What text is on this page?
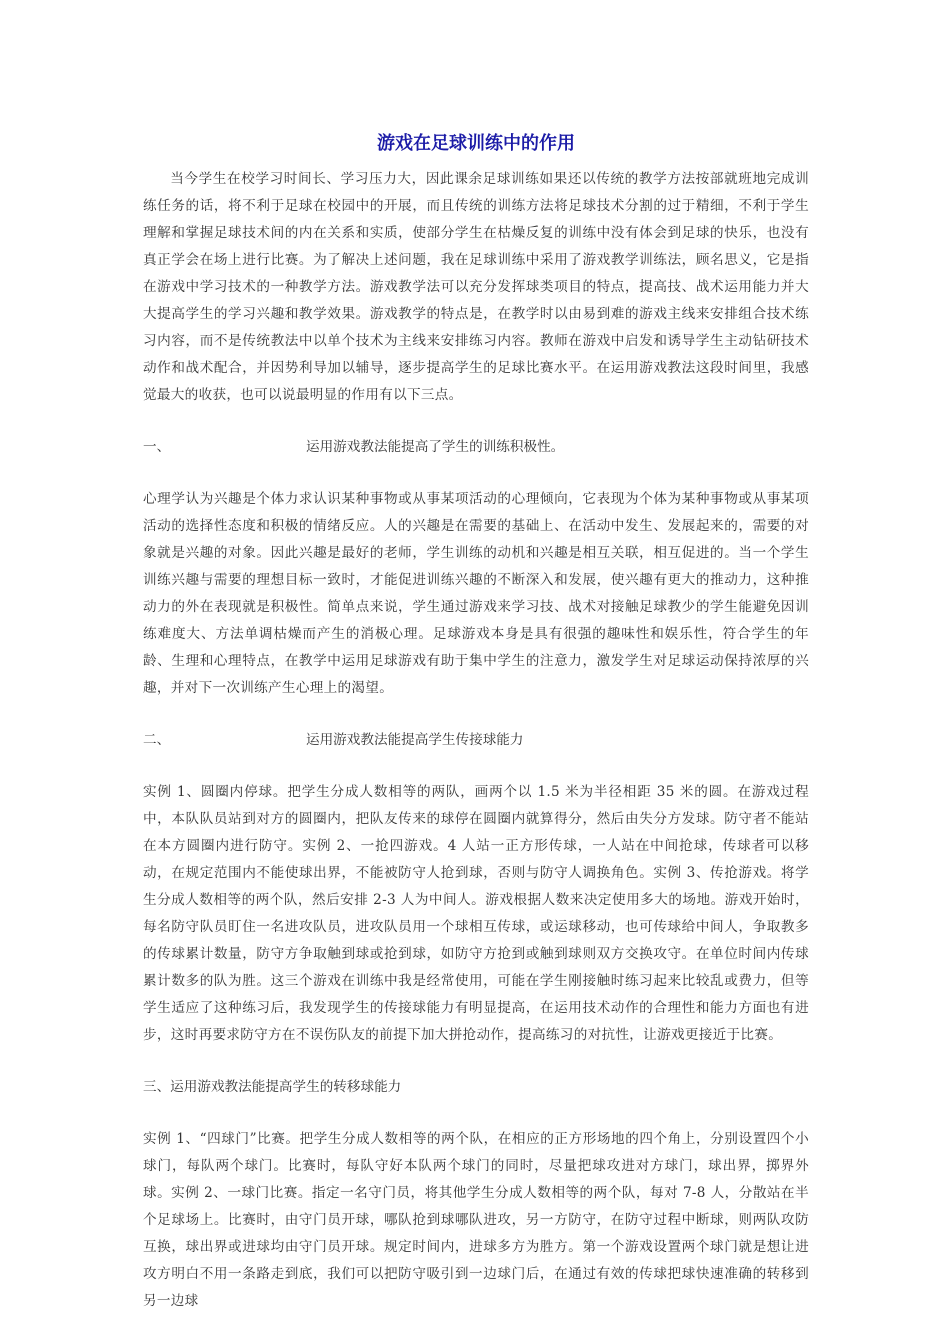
游戏在足球训练中的作用

当今学生在校学习时间长、学习压力大，因此课余足球训练如果还以传统的教学方法按部就班地完成训练任务的话，将不利于足球在校园中的开展，而且传统的训练方法将足球技术分割的过于精细，不利于学生理解和掌握足球技术间的内在关系和实质，使部分学生在枯燥反复的训练中没有体会到足球的快乐，也没有真正学会在场上进行比赛。为了解决上述问题，我在足球训练中采用了游戏教学训练法，顾名思义，它是指在游戏中学习技术的一种教学方法。游戏教学法可以充分发挥球类项目的特点，提高技、战术运用能力并大大提高学生的学习兴趣和教学效果。游戏教学的特点是，在教学时以由易到难的游戏主线来安排组合技术练习内容，而不是传统教法中以单个技术为主线来安排练习内容。教师在游戏中启发和诱导学生主动钻研技术动作和战术配合，并因势利导加以辅导，逐步提高学生的足球比赛水平。在运用游戏教法这段时间里，我感觉最大的收获，也可以说最明显的作用有以下三点。

一、	运用游戏教法能提高了学生的训练积极性。

心理学认为兴趣是个体力求认识某种事物或从事某项活动的心理倾向，它表现为个体为某种事物或从事某项活动的选择性态度和积极的情绪反应。人的兴趣是在需要的基础上、在活动中发生、发展起来的，需要的对象就是兴趣的对象。因此兴趣是最好的老师，学生训练的动机和兴趣是相互关联，相互促进的。当一个学生训练兴趣与需要的理想目标一致时，才能促进训练兴趣的不断深入和发展，使兴趣有更大的推动力，这种推动力的外在表现就是积极性。简单点来说，学生通过游戏来学习技、战术对接触足球教少的学生能避免因训练难度大、方法单调枯燥而产生的消极心理。足球游戏本身是具有很强的趣味性和娱乐性，符合学生的年龄、生理和心理特点，在教学中运用足球游戏有助于集中学生的注意力，激发学生对足球运动保持浓厚的兴趣，并对下一次训练产生心理上的渴望。

二、	运用游戏教法能提高学生传接球能力

实例 1、圆圈内停球。把学生分成人数相等的两队，画两个以 1.5 米为半径相距 35 米的圆。在游戏过程中，本队队员站到对方的圆圈内，把队友传来的球停在圆圈内就算得分，然后由失分方发球。防守者不能站在本方圆圈内进行防守。实例 2、一抢四游戏。4 人站一正方形传球，一人站在中间抢球，传球者可以移动，在规定范围内不能使球出界，不能被防守人抢到球，否则与防守人调换角色。实例 3、传抢游戏。将学生分成人数相等的两个队，然后安排 2-3 人为中间人。游戏根据人数来决定使用多大的场地。游戏开始时，每名防守队员盯住一名进攻队员，进攻队员用一个球相互传球，或运球移动，也可传球给中间人，争取教多的传球累计数量，防守方争取触到球或抢到球，如防守方抢到或触到球则双方交换攻守。在单位时间内传球累计数多的队为胜。这三个游戏在训练中我是经常使用，可能在学生刚接触时练习起来比较乱或费力，但等学生适应了这种练习后，我发现学生的传接球能力有明显提高，在运用技术动作的合理性和能力方面也有进步，这时再要求防守方在不误伤队友的前提下加大拼抢动作，提高练习的对抗性，让游戏更接近于比赛。

三、运用游戏教法能提高学生的转移球能力

实例 1、“四球门”比赛。把学生分成人数相等的两个队，在相应的正方形场地的四个角上，分别设置四个小球门，每队两个球门。比赛时，每队守好本队两个球门的同时，尽量把球攻进对方球门，球出界，掷界外球。实例 2、一球门比赛。指定一名守门员，将其他学生分成人数相等的两个队，每对 7-8 人，分散站在半个足球场上。比赛时，由守门员开球，哪队抢到球哪队进攻，另一方防守，在防守过程中断球，则两队攻防互换，球出界或进球均由守门员开球。规定时间内，进球多方为胜方。第一个游戏设置两个球门就是想让进攻方明白不用一条路走到底，我们可以把防守吸引到一边球门后，在通过有效的传球把球快速准确的转移到另一边球
